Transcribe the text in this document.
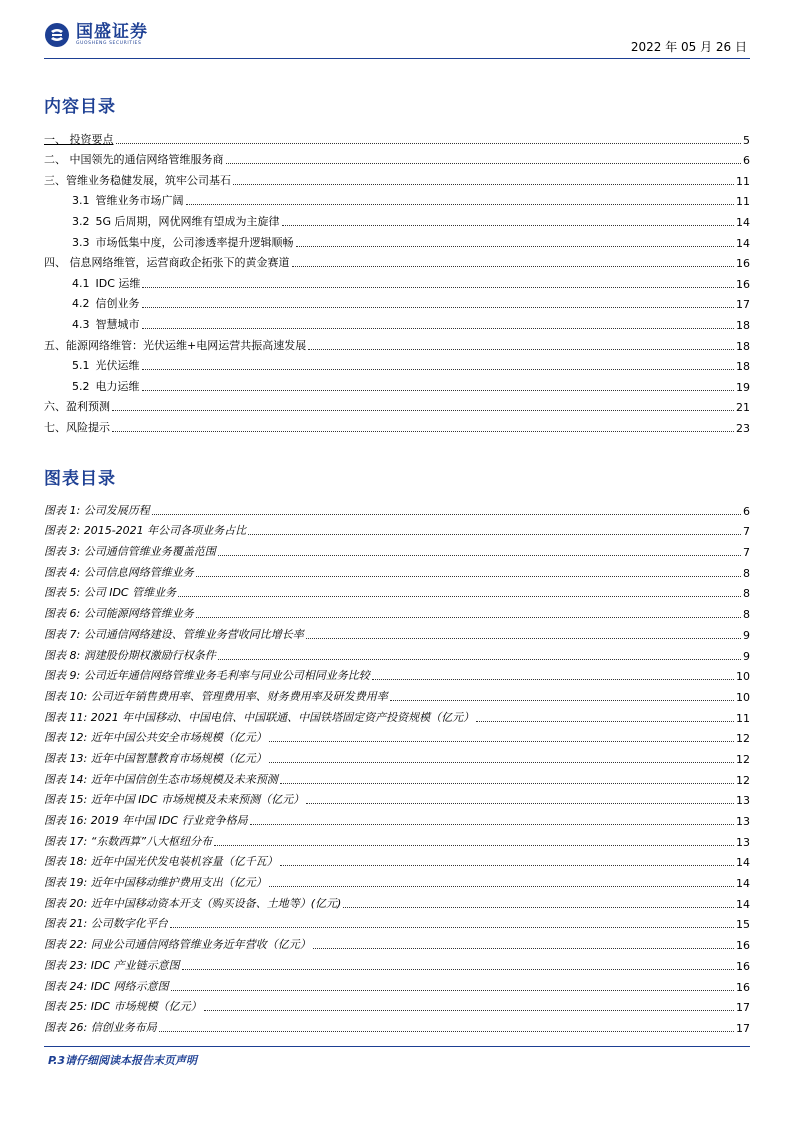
国盛证券
GUOSHENG SECURITIES	2022 年 05 月 26 日
内容目录
一、 投资要点	5
二、 中国领先的通信网络管维服务商	6
三、管维业务稳健发展，筑牢公司基石	11
3.1 管维业务市场广阔	11
3.2 5G 后周期，网优网维有望成为主旋律	14
3.3 市场低集中度，公司渗透率提升逻辑顺畅	14
四、 信息网络维管，运营商政企拓张下的黄金赛道	16
4.1 IDC 运维	16
4.2 信创业务	17
4.3 智慧城市	18
五、能源网络维管：光伏运维+电网运营共振高速发展	18
5.1 光伏运维	18
5.2 电力运维	19
六、盈利预测	21
七、风险提示	23
图表目录
图表 1: 公司发展历程	6
图表 2: 2015-2021 年公司各项业务占比	7
图表 3: 公司通信管维业务覆盖范围	7
图表 4: 公司信息网络管维业务	8
图表 5: 公司 IDC 管维业务	8
图表 6: 公司能源网络管维业务	8
图表 7: 公司通信网络建设、管维业务营收同比增长率	9
图表 8: 润建股份期权激励行权条件	9
图表 9: 公司近年通信网络管维业务毛利率与同业公司相同业务比较	10
图表 10: 公司近年销售费用率、管理费用率、财务费用率及研发费用率	10
图表 11: 2021 年中国移动、中国电信、中国联通、中国铁塔固定资产投资规模（亿元）	11
图表 12: 近年中国公共安全市场规模（亿元）	12
图表 13: 近年中国智慧教育市场规模（亿元）	12
图表 14: 近年中国信创生态市场规模及未来预测	12
图表 15: 近年中国 IDC 市场规模及未来预测（亿元）	13
图表 16: 2019 年中国 IDC 行业竞争格局	13
图表 17: “东数西算”八大枢纽分布	13
图表 18: 近年中国光伏发电装机容量（亿千瓦）	14
图表 19: 近年中国移动维护费用支出（亿元）	14
图表 20: 近年中国移动资本开支（购买设备、土地等）(亿元)	14
图表 21: 公司数字化平台	15
图表 22: 同业公司通信网络管维业务近年营收（亿元）	16
图表 23: IDC 产业链示意图	16
图表 24: IDC 网络示意图	16
图表 25: IDC 市场规模（亿元）	17
图表 26: 信创业务布局	17
P.3请仔细阅读本报告末页声明
